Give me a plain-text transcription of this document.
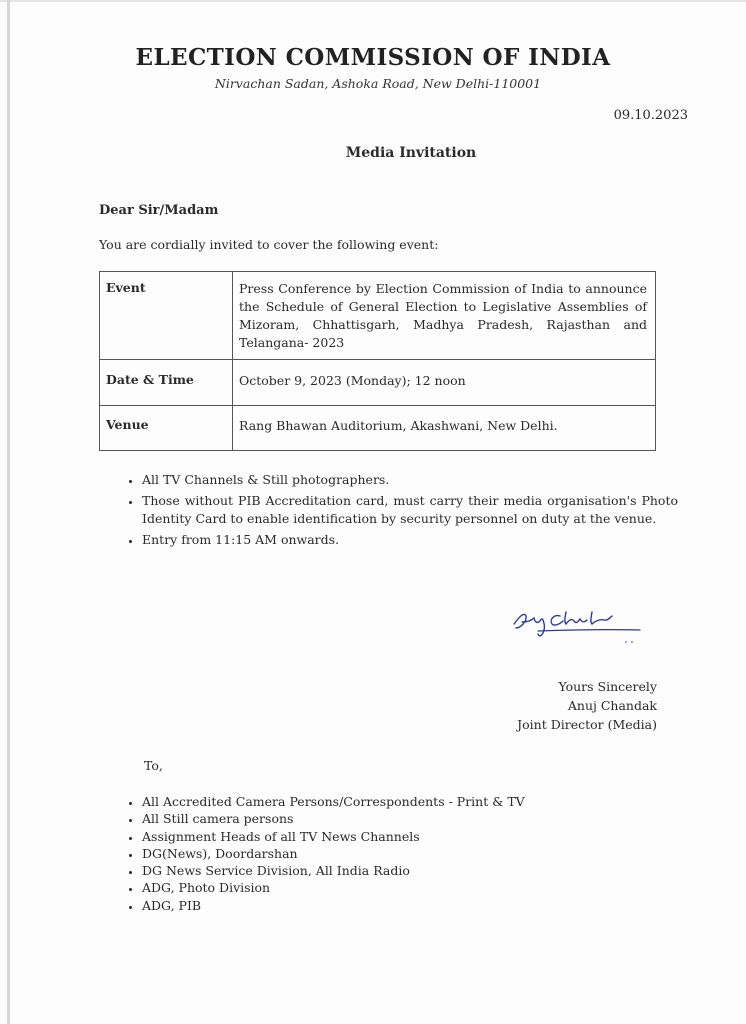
ELECTION COMMISSION OF INDIA
Nirvachan Sadan, Ashoka Road, New Delhi-110001
09.10.2023
Media Invitation
Dear Sir/Madam
You are cordially invited to cover the following event:
Event	Press Conference by Election Commission of India to announce the Schedule of General Election to Legislative Assemblies of Mizoram, Chhattisgarh, Madhya Pradesh, Rajasthan and Telangana- 2023
Date & Time	October 9, 2023 (Monday); 12 noon
Venue	Rang Bhawan Auditorium, Akashwani, New Delhi.
• All TV Channels & Still photographers.
• Those without PIB Accreditation card, must carry their media organisation's Photo Identity Card to enable identification by security personnel on duty at the venue.
• Entry from 11:15 AM onwards.
Yours Sincerely
Anuj Chandak
Joint Director (Media)
To,
• All Accredited Camera Persons/Correspondents - Print & TV
• All Still camera persons
• Assignment Heads of all TV News Channels
• DG(News), Doordarshan
• DG News Service Division, All India Radio
• ADG, Photo Division
• ADG, PIB
